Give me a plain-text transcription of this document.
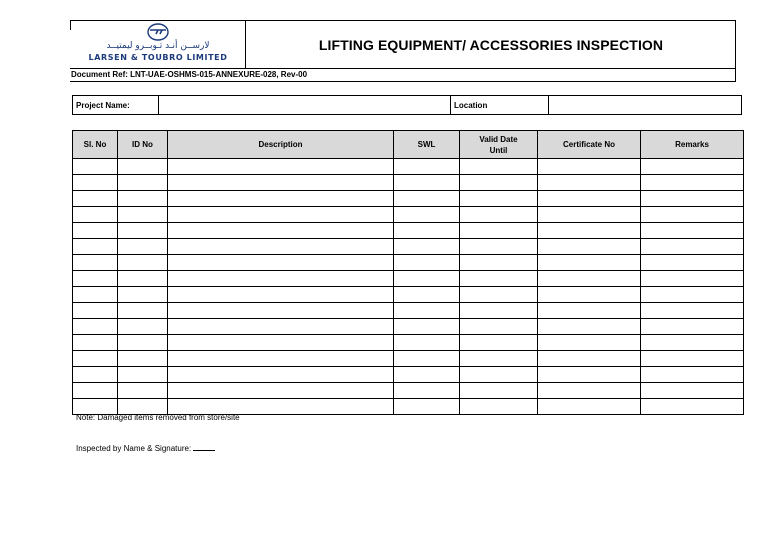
لارســن أنـد تـوبــرو ليمتيــد
LARSEN & TOUBRO LIMITED
LIFTING EQUIPMENT/ ACCESSORIES INSPECTION
Document Ref: LNT-UAE-OSHMS-015-ANNEXURE-028, Rev-00
Project Name:	Location
Sl. No	ID No	Description	SWL	Valid Date Until	Certificate No	Remarks

Note: Damaged items removed from store/site
Inspected by Name & Signature:
